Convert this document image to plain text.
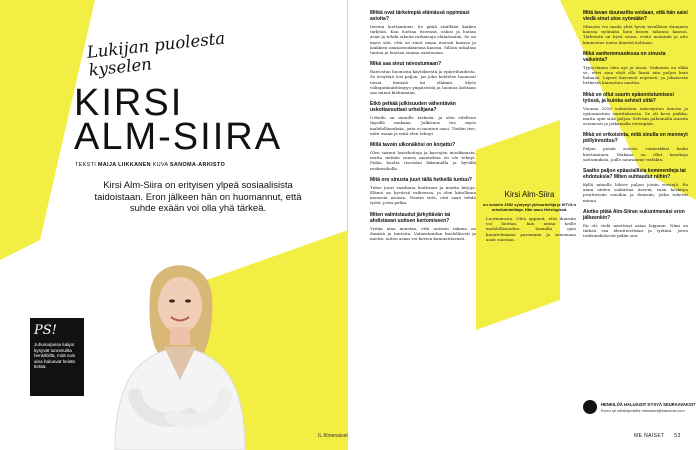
Lukijan puolesta kyselen
KIRSI
ALM-SIIRA
TEKSTI MAIJA LIIKKANEN KUVA SANOMA-ARKISTO
Kirsi Alm-Siira on erityisen ylpeä sosiaalisista taidoistaan. Eron jälkeen hän on huomannut, että suhde exään voi olla yhä tärkeä.
PS!
Juhusarjassa lukijat kysyvät tunnetuilta henkilöiltä, mitä vain aina haluavat heistä tietää.
IL.fi/menaiset
Mitkä ovat tärkeimpiä elämässä oppimiasi asioita?

Itseeni luottaminen. Se pitää sisällään kaiken tärkeän. Kun luottaa itseensä, uskoo ja hoitaa asiat ja tehdä oikeita ratkaisuja elämässään. Se on myös sitä, että on sinut oman itsensä kanssa ja kaikkien ominaisuuksiensa kanssa. Silloin uskaltaa tuntea ja luottaa omaan vaistoonsa.

Mikä saa sinut raivostumaan?

Raivostun huonosta käytöksestä ja epäreiluudesta. Se ärsyttää tosi paljon, jos joku kohtelee huonosti toisia ihmisiä tai eläimiä. Myös välinpitämättömyys ympäristöä ja luontoa kohtaan saa minut kiehumaan.

Etkö pelkää julkisuuden vähentävän uskottavuuttasi urheilijana?

Urheilu on minulle tärkeää, ja olen edelleen täysillä mukana. Julkisuus tuo myös mahdollisuuksia, joita ei muuten saisi. Tiedän itse, mitä osaan ja mitä olen tehnyt.

Millä tavoin ulkonäkösi on korjattu?

Olen saanut laserhoitoja ja kasvojen muokkausta, mutta mitään suuria muutoksia en ole tehnyt. Pidän huolta itsestäni liikunnalla ja hyvällä ruokavaliolla.

Mitä oro sinusta juuri tällä hetkellä tuntuu?

Tulee juuri vaadunta kodistani ja mietin kirjoja. Elämä on hyvässä vaiheessa, ja olen kiitollinen monesta asiasta. Nautin siitä, että saan tehdä työtä, josta pidän.

Miten valmistaudut järkyttävän tai ahdistavan uutisen kertomiseen?

Yritän aina muistaa, että uutisen takana on ihmisiä ja tunteita. Valmistaudun huolellisesti ja mietin, miten asian voi kertoa kunnioittavasti.

Kirsi Alm-Siira
on vuoden 1992 syntynyt yleisurheilija ja MTV3:n urheilutoimittaja. Hän asuu Helsingissä.

Luottamusta. Olen oppinut, että ihmisiin voi luottaa, kun antaa heille mahdollisuuden. Samalla opin kuuntelemaan paremmin ja sanomaan asiat suoraan.

Mitä tavan duunarilta voidaan, että hän saisi viedä sinut ulos syömään?

Minusta voi saada yhtä hyvin tavallisen duunarin kanssa syömään kuin kenen tahansa kanssa. Tärkeintä on hyvä seura, rento meininki ja aito kiinnostus toista ihmistä kohtaan.

Mikä vanhemmuudessa on sinusta vaikeinta?

Tyytyväinen olen nyt ja tässä. Vaikeinta on ehkä se, ettei aina ehdi olla läsnä niin paljon kuin haluaisi. Lapset kasvavat nopeasti, ja jokaisesta hetkestä kannattaa nauttia.

Mikä on ollut suurin epäonnistumisesi työssä, ja kuinka selvisit siitä?

Vuonna 2016 valmistuin unisexjutun kanssa ja epäonnistuin suorituksessa. Se oli kova paikka, mutta opin siitä paljon. Selvisin puhumalla asiasta avoimesti ja jatkamalla eteenpäin.

Mikä on erikoisinta, mitä sinulla on menneyt pöllyinnuttuu?

Paljon pieniä asioita, esimerkiksi kodin kiertäminen. Mukana on ollut hauskoja sattumuksia, joille nauramme vieläkin.

Saatko paljon epäasiallisia kommentteja tai ehdotuksia? Miten suhtaudut niihin?

Kyllä minulle lähtee paljon jotain viestejä. En anna niiden vaikuttaa itseeni, vaan keskityn positiivisiin asioihin ja ihmisiin, jotka tukevat minua.

Aiotko pitää Alm-Siiran sukunimenäsi eron jälkeenkin?

En ole vielä miettinyt asiaa loppuun. Nimi on tärkeä osa identiteettiäni ja työtäni, joten todennäköisesti pidän sen.

HENKILÖÄ HALUAISIT KYSYÄ SEURAAVAKSI?
Kerro se sähköpostilla menaiset@sanoma.com
ME NAISET 53
